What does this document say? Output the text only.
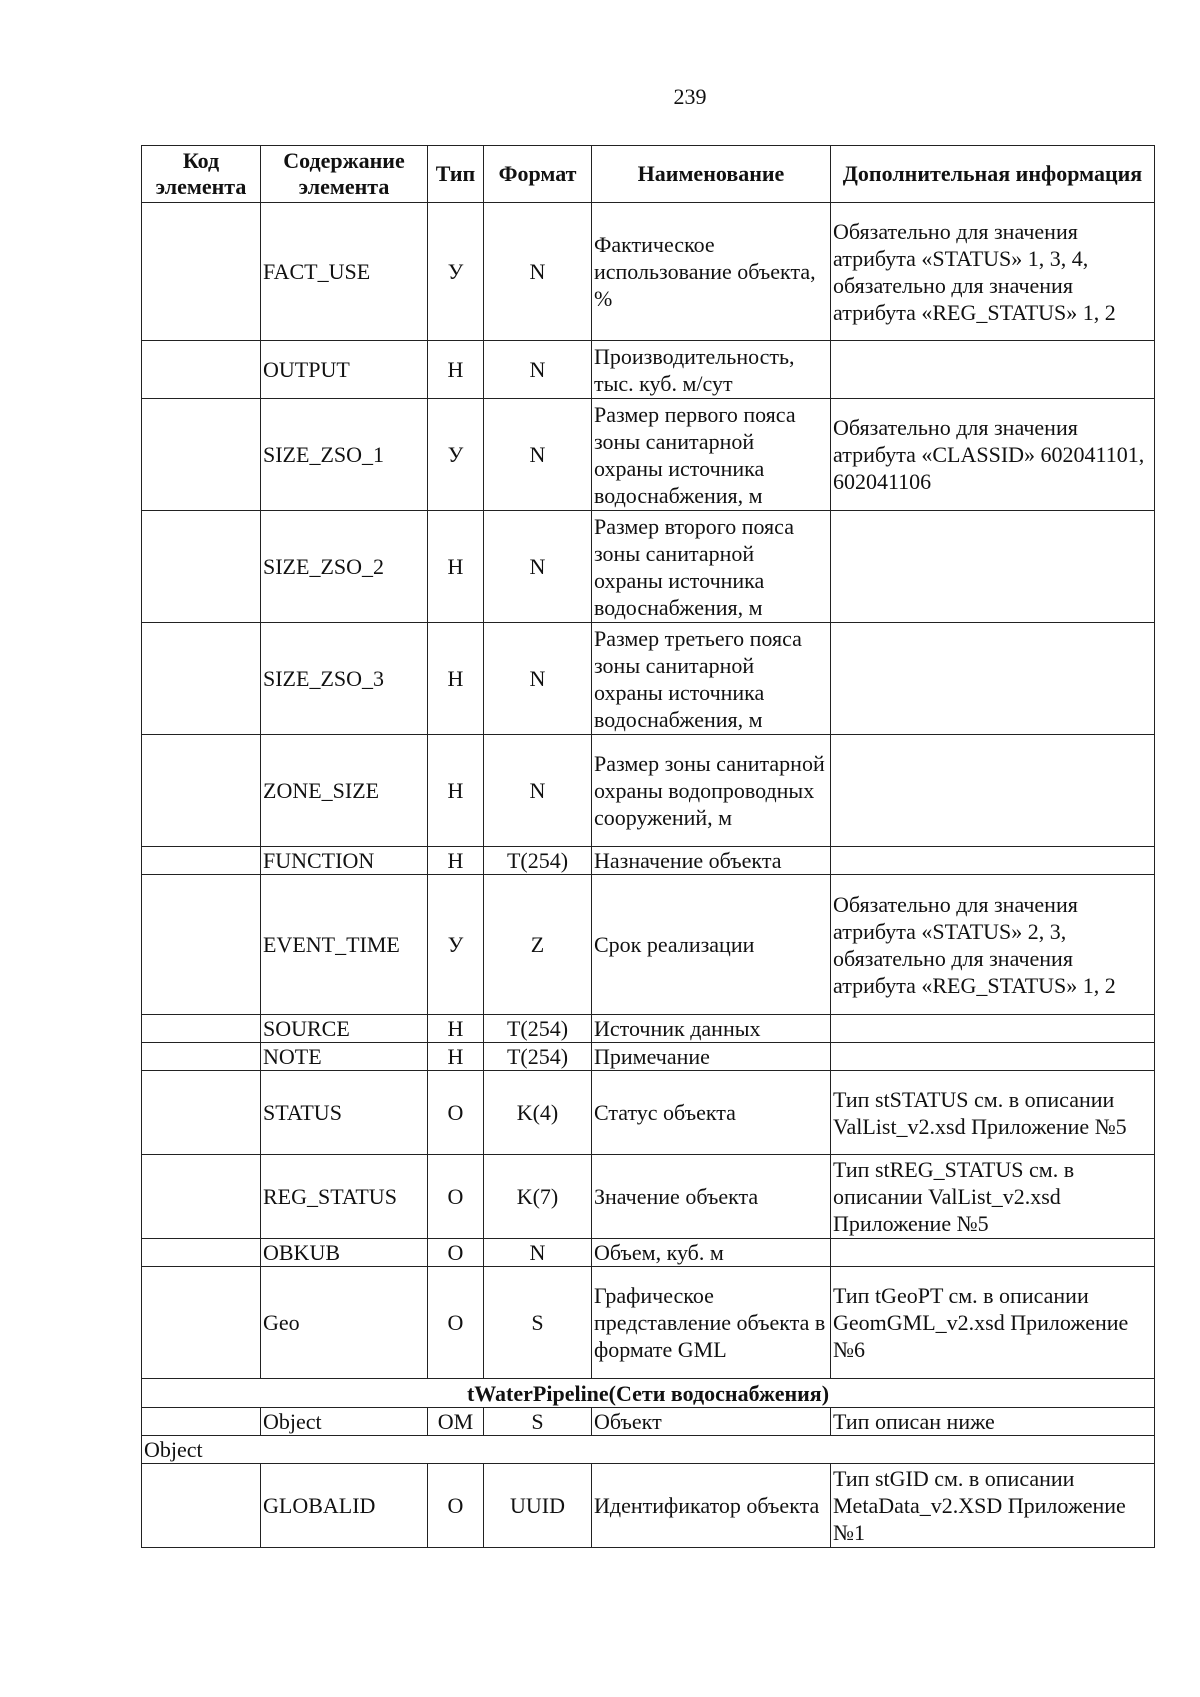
239
Код элемента	Содержание элемента	Тип	Формат	Наименование	Дополнительная информация
	FACT_USE	У	N	Фактическое использование объекта, %	Обязательно для значения атрибута «STATUS» 1, 3, 4, обязательно для значения атрибута «REG_STATUS» 1, 2
	OUTPUT	Н	N	Производительность, тыс. куб. м/сут	
	SIZE_ZSO_1	У	N	Размер первого пояса зоны санитарной охраны источника водоснабжения, м	Обязательно для значения атрибута «CLASSID» 602041101, 602041106
	SIZE_ZSO_2	Н	N	Размер второго пояса зоны санитарной охраны источника водоснабжения, м	
	SIZE_ZSO_3	Н	N	Размер третьего пояса зоны санитарной охраны источника водоснабжения, м	
	ZONE_SIZE	Н	N	Размер зоны санитарной охраны водопроводных сооружений, м	
	FUNCTION	Н	T(254)	Назначение объекта	
	EVENT_TIME	У	Z	Срок реализации	Обязательно для значения атрибута «STATUS» 2, 3, обязательно для значения атрибута «REG_STATUS» 1, 2
	SOURCE	Н	T(254)	Источник данных	
	NOTE	Н	T(254)	Примечание	
	STATUS	О	K(4)	Статус объекта	Тип stSTATUS см. в описании ValList_v2.xsd Приложение №5
	REG_STATUS	О	K(7)	Значение объекта	Тип stREG_STATUS см. в описании ValList_v2.xsd Приложение №5
	OBKUB	О	N	Объем, куб. м	
	Geo	О	S	Графическое представление объекта в формате GML	Тип tGeoPT см. в описании GeomGML_v2.xsd Приложение №6
tWaterPipeline(Сети водоснабжения)					
	Object	ОМ	S	Объект	Тип описан ниже
Object					
	GLOBALID	О	UUID	Идентификатор объекта	Тип stGID см. в описании MetaData_v2.XSD Приложение №1
